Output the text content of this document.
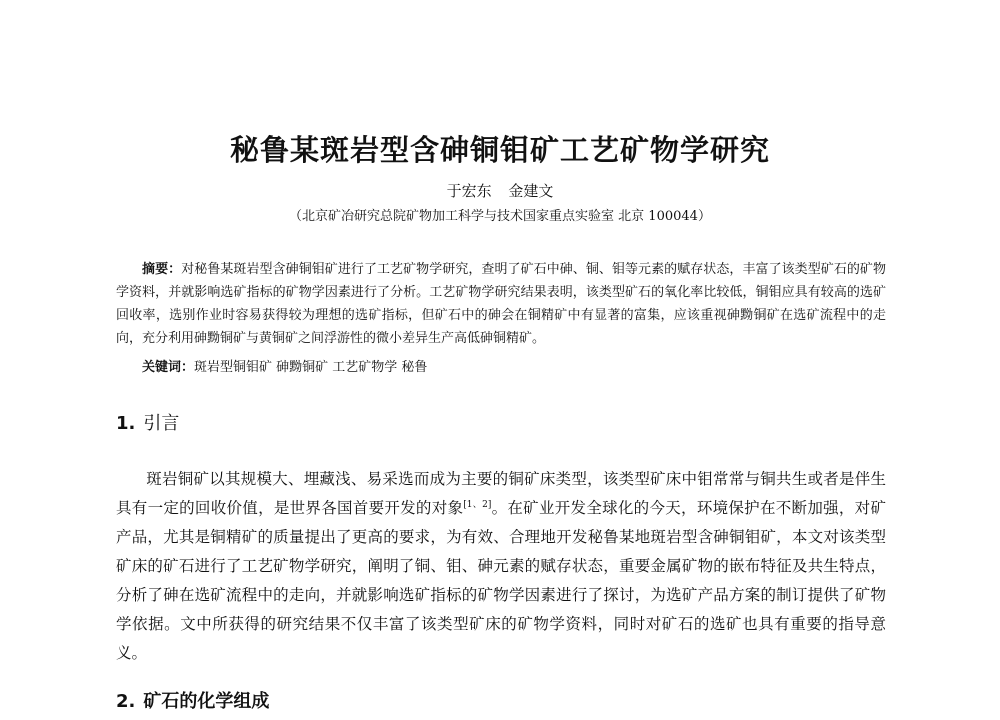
秘鲁某斑岩型含砷铜钼矿工艺矿物学研究
于宏东 金建文
（北京矿冶研究总院矿物加工科学与技术国家重点实验室 北京 100044）
摘要：对秘鲁某斑岩型含砷铜钼矿进行了工艺矿物学研究，查明了矿石中砷、铜、钼等元素的赋存状态，丰富了该类型矿石的矿物学资料，并就影响选矿指标的矿物学因素进行了分析。工艺矿物学研究结果表明，该类型矿石的氧化率比较低，铜钼应具有较高的选矿回收率，选别作业时容易获得较为理想的选矿指标，但矿石中的砷会在铜精矿中有显著的富集，应该重视砷黝铜矿在选矿流程中的走向，充分利用砷黝铜矿与黄铜矿之间浮游性的微小差异生产高低砷铜精矿。
关键词：斑岩型铜钼矿 砷黝铜矿 工艺矿物学 秘鲁
1. 引言
斑岩铜矿以其规模大、埋藏浅、易采选而成为主要的铜矿床类型，该类型矿床中钼常常与铜共生或者是伴生具有一定的回收价值，是世界各国首要开发的对象[1、2]。在矿业开发全球化的今天，环境保护在不断加强，对矿产品，尤其是铜精矿的质量提出了更高的要求，为有效、合理地开发秘鲁某地斑岩型含砷铜钼矿，本文对该类型矿床的矿石进行了工艺矿物学研究，阐明了铜、钼、砷元素的赋存状态，重要金属矿物的嵌布特征及共生特点，分析了砷在选矿流程中的走向，并就影响选矿指标的矿物学因素进行了探讨，为选矿产品方案的制订提供了矿物学依据。文中所获得的研究结果不仅丰富了该类型矿床的矿物学资料，同时对矿石的选矿也具有重要的指导意义。
2. 矿石的化学组成
